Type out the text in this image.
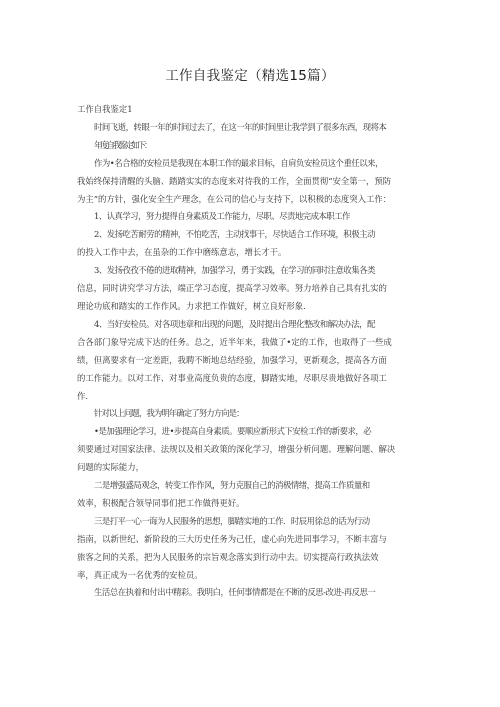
工作自我鉴定（精选15篇）
工作自我鉴定1
时间飞逝，转眼一年的时间过去了，在这一年的时间里让我学到了很多东西，现将本
年度自我鉴定如下：
作为•名合格的安检员是我现在本职工作的最求目标，自肩负安检员这个重任以来，
我始终保持清醒的头脑、踏踏实实的态度来对待我的工作，全面贯彻“安全第一，预防
为主”的方针，强化安全生产理念，在公司的信心与支持下，以积极的态度突入工作：
1、认真学习，努力提得自身素质及工作能力，尽职、尽责地完成本职工作
2、发扬吃苦耐劳的精神，不怕吃苦，主动找事干，尽快适合工作环境，积极主动
的投入工作中去，在虽杂的工作中磨练意志，增长才干。
3、发扬孜孜不倦的进取精神，加强学习，勇于实践，在学习的同时注意收集各类
信息，同时讲究学习方法，端正学习态度，提高学习效率。努力培养自己具有扎实的
理论功底和踏实的工作作风。力求把工作做好，树立良好形象.
4、当好安检员。对各项违章和出现的问题，及时提出合理化整改和解决办法，配
合各部门象导完成下达的任务。总之，近半年来，我做了•定的工作，也取得了一些成
绩，但离要求有一定差距，我聘不断地总结经验，加强学习，更新观念，提高各方面
的工作能力。以对工作、对事业高度负贵的态度，脚踏实地，尽职尽贵地做好各项工
作.
针对以上问题，我为明年确定了努力方向是：
•是加强理论学习，进•步提高自身素质。要顺应新形式下安检工作的新要求，必
须要通过对国家法律、法规以及相关政策的深化学习，增强分析问题、理解问题、解决
问题的实际能力，
二是增强盛局观念，转变工作作风，努力克服自己的消极情绪，提高工作质量和
效率，积极配合领导同事们把工作做得更好。
三是打平一心一诲为人民服务的思想，脚踏实地的工作．时辰用徐总的话为行动
指南，以新世纪、新阶段的三大历史任务为己任，虚心向先进同事学习，不断丰富与
旅客之间的关系，把为人民服务的宗旨观念落实到行动中去。切实提高行政执法效
率，真正成为一名优秀的安检员。
生活总在执着和付出中精彩。我明白，任何事情都是在不断的反思-改进-再反思一
